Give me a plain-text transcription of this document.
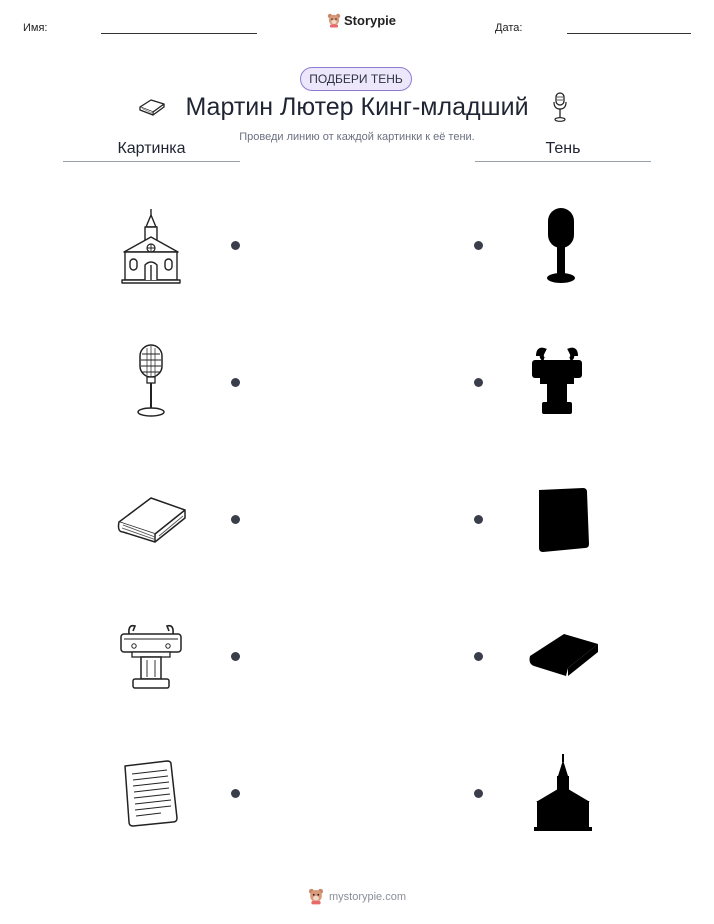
Имя:	Storypie	Дата:
ПОДБЕРИ ТЕНЬ
Мартин Лютер Кинг-младший
Проведи линию от каждой картинки к её тени.
Картинка	Тень
mystorypie.com
